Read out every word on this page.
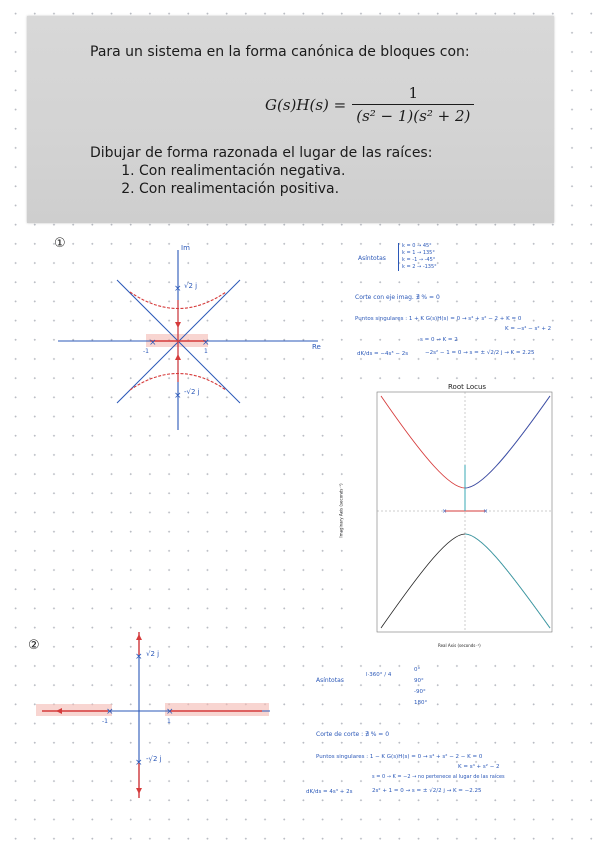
Para un sistema en la forma canónica de bloques con:
$G(s)H(s) = \frac{1}{\text{(s² − 1)(s² + 2)}}$
Dibujar de forma razonada el lugar de las raíces:
1. Con realimentación negativa.
2. Con realimentación positiva.
①
×	×
×
×
Im
Re
√2 j
-√2 j
-1	1
Asíntotas
k = 0 → 45°
k = 1 → 135°
k = -1 → -45°
k = 2 → -135°
Corte con eje imag. ∄ % = 0
Puntos singulares : 1 + K G(s)H(s) = 0 → s⁴ + s² − 2 + K = 0
K = −s⁴ − s² + 2
s = 0 → K = 2
dK/ds = −4s³ − 2s	−2s² − 1 = 0 → s = ± √2/2 j → K = 2.25
×	×
Root Locus
Real Axis (seconds⁻¹)
Imaginary Axis (seconds⁻¹)
②
×	×
×
×
√2 j
-√2 j
-1	1
Asíntotas
l·360° / 4
0°
90°
-90°
180°
Corte de corte : ∄ % = 0
Puntos singulares : 1 − K G(s)H(s) = 0 → s⁴ + s² − 2 − K = 0
K = s⁴ + s² − 2
s = 0 → K = −2 → no pertenece al lugar de las raíces
dK/ds = 4s³ + 2s	2s² + 1 = 0 → s = ± √2/2 j → K = −2.25
